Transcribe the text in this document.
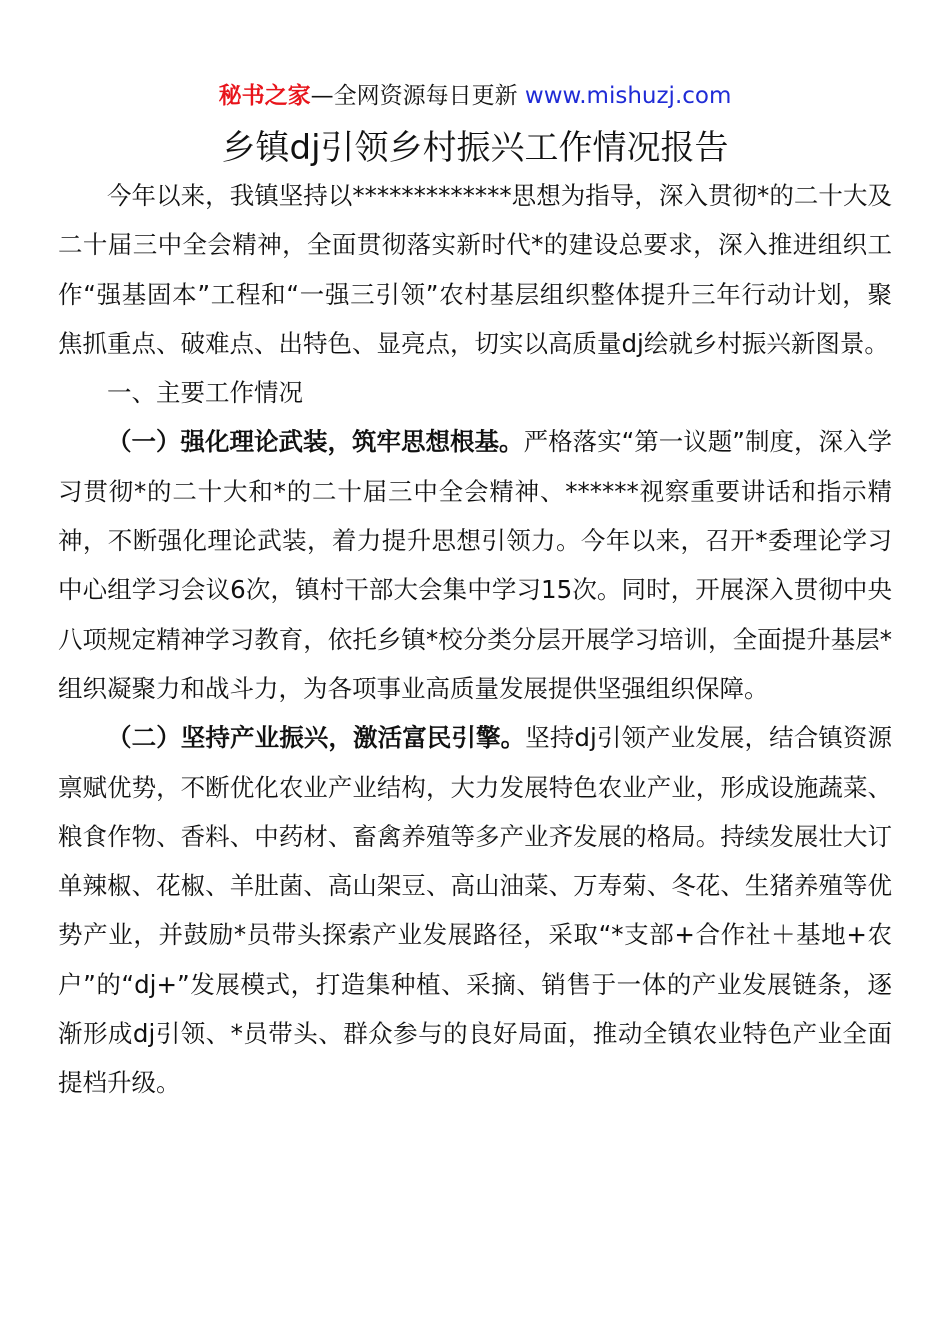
秘书之家—全网资源每日更新 www.mishuzj.com
乡镇dj引领乡村振兴工作情况报告

今年以来，我镇坚持以*************思想为指导，深入贯彻*的二十大及二十届三中全会精神，全面贯彻落实新时代*的建设总要求，深入推进组织工作“强基固本”工程和“一强三引领”农村基层组织整体提升三年行动计划，聚焦抓重点、破难点、出特色、显亮点，切实以高质量dj绘就乡村振兴新图景。

一、主要工作情况

（一）强化理论武装，筑牢思想根基。严格落实“第一议题”制度，深入学习贯彻*的二十大和*的二十届三中全会精神、******视察重要讲话和指示精神，不断强化理论武装，着力提升思想引领力。今年以来，召开*委理论学习中心组学习会议6次，镇村干部大会集中学习15次。同时，开展深入贯彻中央八项规定精神学习教育，依托乡镇*校分类分层开展学习培训，全面提升基层*组织凝聚力和战斗力，为各项事业高质量发展提供坚强组织保障。

（二）坚持产业振兴，激活富民引擎。坚持dj引领产业发展，结合镇资源禀赋优势，不断优化农业产业结构，大力发展特色农业产业，形成设施蔬菜、粮食作物、香料、中药材、畜禽养殖等多产业齐发展的格局。持续发展壮大订单辣椒、花椒、羊肚菌、高山架豆、高山油菜、万寿菊、冬花、生猪养殖等优势产业，并鼓励*员带头探索产业发展路径，采取“*支部+合作社＋基地+农户”的“dj+”发展模式，打造集种植、采摘、销售于一体的产业发展链条，逐渐形成dj引领、*员带头、群众参与的良好局面，推动全镇农业特色产业全面提档升级。
